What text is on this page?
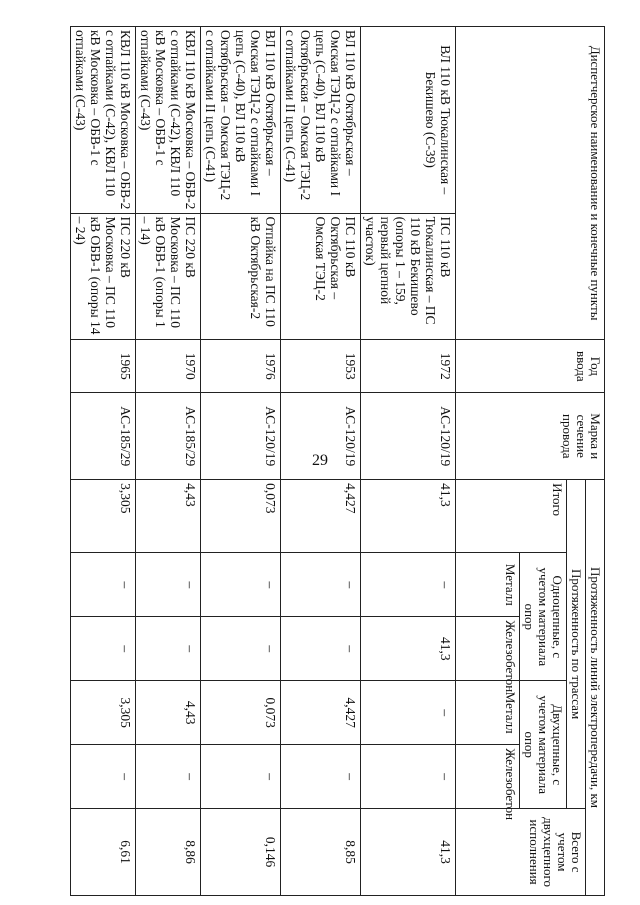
29
Диспетчерское наименование и конечные пункты		Год ввода	Марка и сечение провода	Протяженность линий электропередачи, км					
				Протяженность по трассам					Всего с учетом двухцепного исполнения
				Итого	Одноцепные, с учетом материала опор		Двухцепные, с учетом материала опор		
					Металл	Железобетон	Металл	Железобетон	

ВЛ 110 кВ Тюкалинская – Бекишево (С-39)	ПС 110 кВ Тюкалинская – ПС 110 кВ Бекишево (опоры 1 – 159, первый цепной участок)	1972	АС-120/19	41,3	–	41,3	–	–	41,3
ВЛ 110 кВ Октябрьская – Омская ТЭЦ-2 с отпайками I цепь (С-40), ВЛ 110 кВ Октябрьская – Омская ТЭЦ-2 с отпайками II цепь (С-41)	ПС 110 кВ Октябрьская – Омская ТЭЦ-2	1953	АС-120/19	4,427	–	–	4,427	–	8,85
ВЛ 110 кВ Октябрьская – Омская ТЭЦ-2 с отпайками I цепь (С-40), ВЛ 110 кВ Октябрьская – Омская ТЭЦ-2 с отпайками II цепь (С-41)	Отпайка на ПС 110 кВ Октябрьская-2	1976	АС-120/19	0,073	–	–	0,073	–	0,146
КВЛ 110 кВ Московка – ОБВ-2 с отпайками (С-42), КВЛ 110 кВ Московка – ОБВ-1 с отпайками (С-43)	ПС 220 кВ Московка – ПС 110 кВ ОБВ-1 (опоры 1 – 14)	1970	АС-185/29	4,43	–	–	4,43	–	8,86
КВЛ 110 кВ Московка – ОБВ-2 с отпайками (С-42), КВЛ 110 кВ Московка – ОБВ-1 с отпайками (С-43)	ПС 220 кВ Московка – ПС 110 кВ ОБВ-1 (опоры 14 – 24)	1965	АС-185/29	3,305	–	–	3,305	–	6,61
